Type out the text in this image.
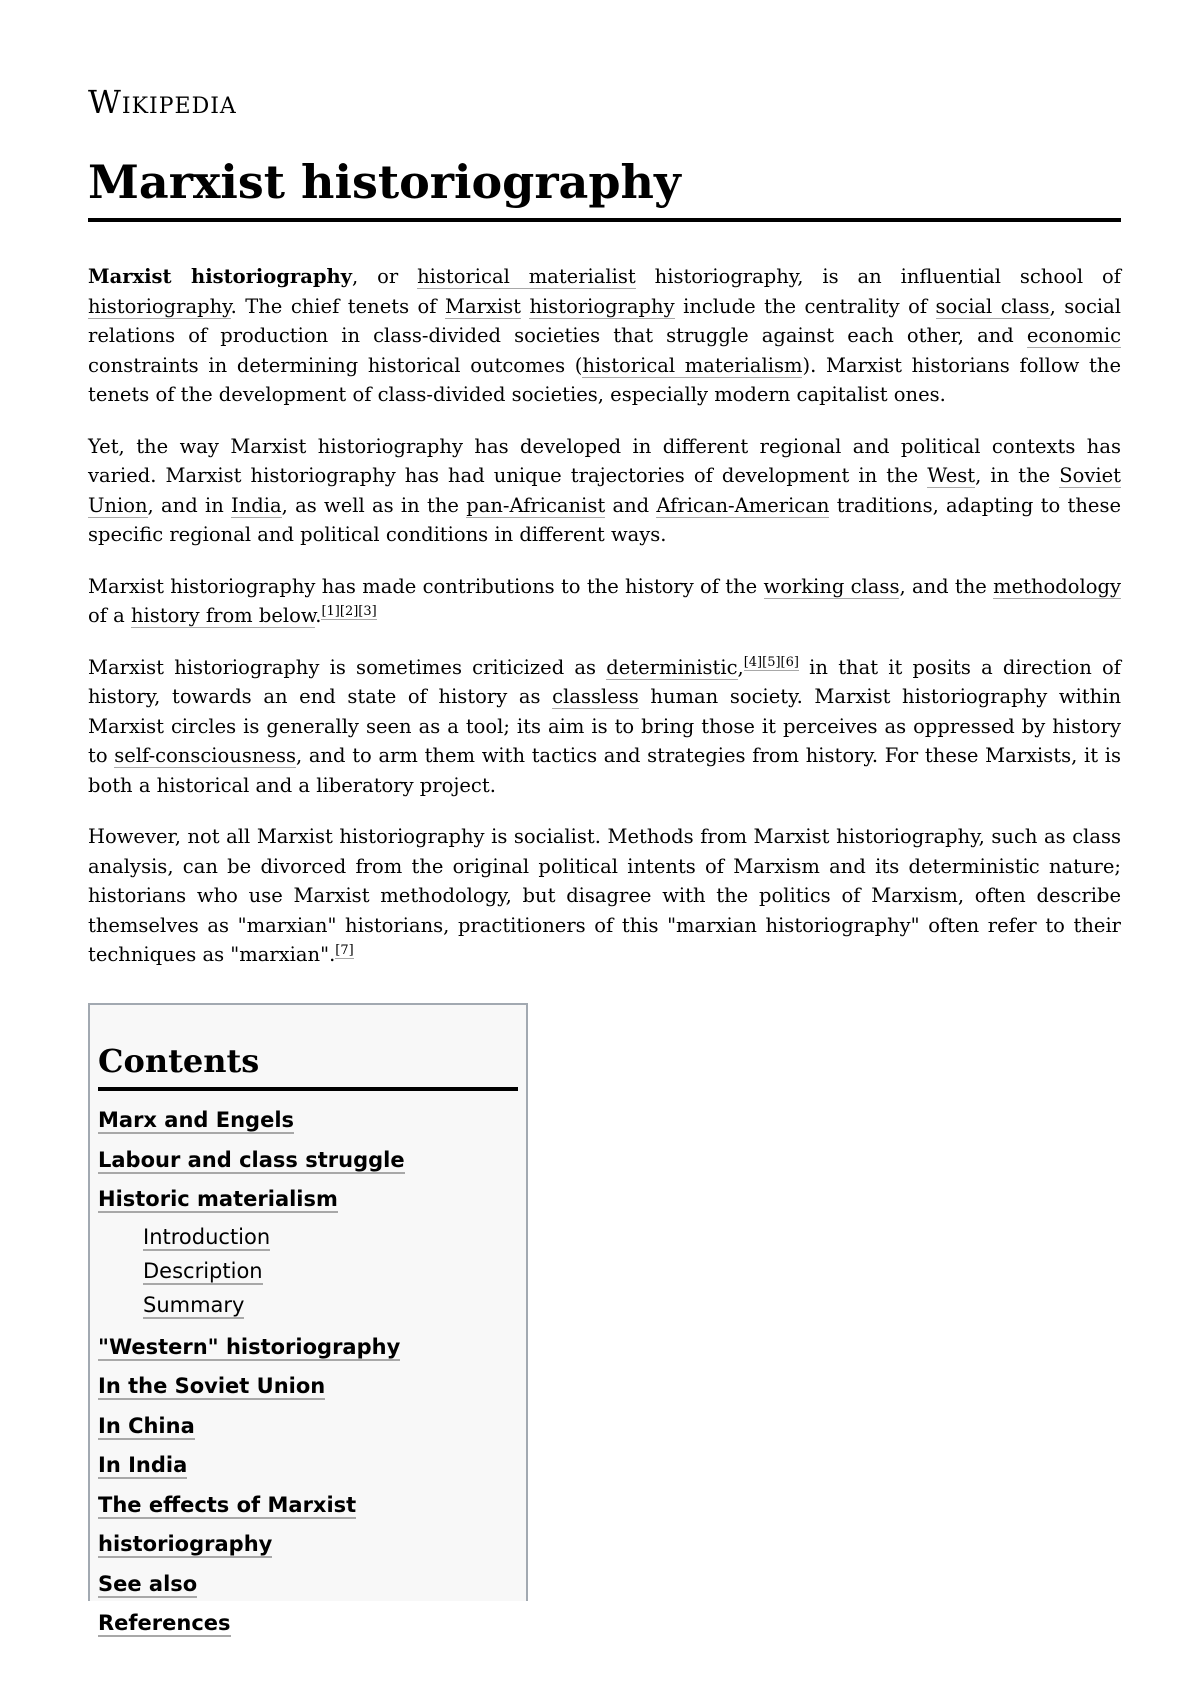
Wikipedia
Marxist historiography

Marxist historiography, or historical materialist historiography, is an influential school of historiography. The chief tenets of Marxist historiography include the centrality of social class, social relations of production in class-divided societies that struggle against each other, and economic constraints in determining historical outcomes (historical materialism). Marxist historians follow the tenets of the development of class-divided societies, especially modern capitalist ones.

Yet, the way Marxist historiography has developed in different regional and political contexts has varied. Marxist historiography has had unique trajectories of development in the West, in the Soviet Union, and in India, as well as in the pan-Africanist and African-American traditions, adapting to these specific regional and political conditions in different ways.

Marxist historiography has made contributions to the history of the working class, and the methodology of a history from below.[1][2][3]

Marxist historiography is sometimes criticized as deterministic,[4][5][6] in that it posits a direction of history, towards an end state of history as classless human society. Marxist historiography within Marxist circles is generally seen as a tool; its aim is to bring those it perceives as oppressed by history to self-consciousness, and to arm them with tactics and strategies from history. For these Marxists, it is both a historical and a liberatory project.

However, not all Marxist historiography is socialist. Methods from Marxist historiography, such as class analysis, can be divorced from the original political intents of Marxism and its deterministic nature; historians who use Marxist methodology, but disagree with the politics of Marxism, often describe themselves as "marxian" historians, practitioners of this "marxian historiography" often refer to their techniques as "marxian".[7]

Contents
Marx and Engels
Labour and class struggle
Historic materialism
Introduction
Description
Summary
"Western" historiography
In the Soviet Union
In China
In India
The effects of Marxist historiography
See also
References
